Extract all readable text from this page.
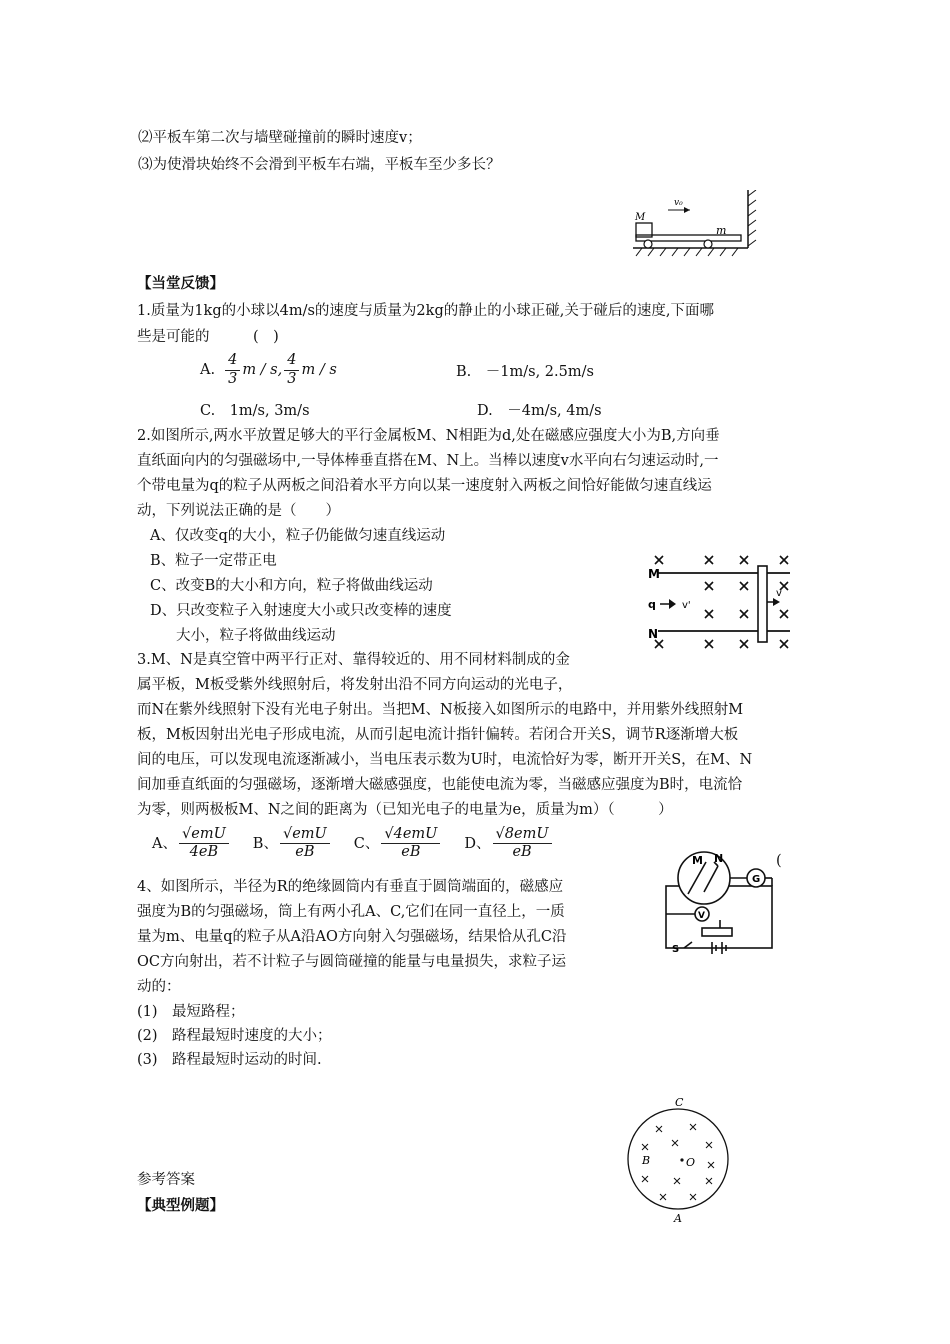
⑵平板车第二次与墙壁碰撞前的瞬时速度v；
⑶为使滑块始终不会滑到平板车右端，平板车至少多长？
M
m
v₀
【当堂反馈】
1.质量为1kg的小球以4m/s的速度与质量为2kg的静止的小球正碰,关于碰后的速度,下面哪
些是可能的　　　(　)
A. $\frac{4}{3}$ m / s, $\frac{4}{3}$ m / s	B.　－1m/s, 2.5m/s
C.　1m/s, 3m/s	D.　－4m/s, 4m/s
2.如图所示,两水平放置足够大的平行金属板M、N相距为d,处在磁感应强度大小为B,方向垂
直纸面向内的匀强磁场中,一导体棒垂直搭在M、N上。当棒以速度v水平向右匀速运动时,一
个带电量为q的粒子从两板之间沿着水平方向以某一速度射入两板之间恰好能做匀速直线运
动，下列说法正确的是（　　）
A、仅改变q的大小，粒子仍能做匀速直线运动
B、粒子一定带正电
C、改变B的大小和方向，粒子将做曲线运动
D、只改变粒子入射速度大小或只改变棒的速度
大小，粒子将做曲线运动
M
N
q	v'
v
3.M、N是真空管中两平行正对、靠得较近的、用不同材料制成的金
属平板，M板受紫外线照射后，将发射出沿不同方向运动的光电子，
而N在紫外线照射下没有光电子射出。当把M、N板接入如图所示的电路中，并用紫外线照射M
板，M板因射出光电子形成电流，从而引起电流计指针偏转。若闭合开关S，调节R逐渐增大板
间的电压，可以发现电流逐渐减小，当电压表示数为U时，电流恰好为零，断开开关S，在M、N
间加垂直纸面的匀强磁场，逐渐增大磁感强度，也能使电流为零，当磁感应强度为B时，电流恰
为零，则两极板M、N之间的距离为（已知光电子的电量为e，质量为m）（　　　）
A、 $\frac{\text{√emU}}{4eB}$ B、 $\frac{\text{√emU}}{eB}$ C、 $\frac{\text{√4emU}}{eB}$ D、 $\frac{\text{√8emU}}{eB}$	(
M N
G
V
S
4、如图所示，半径为R的绝缘圆筒内有垂直于圆筒端面的，磁感应
强度为B的匀强磁场，筒上有两小孔A、C,它们在同一直径上，一质
量为m、电量q的粒子从A沿AO方向射入匀强磁场，结果恰从孔C沿
OC方向射出，若不计粒子与圆筒碰撞的能量与电量损失，求粒子运
动的：
(1)　最短路程；
(2)　路程最短时速度的大小；
(3)　路程最短时运动的时间.
C
A
B	O
参考答案
【典型例题】
